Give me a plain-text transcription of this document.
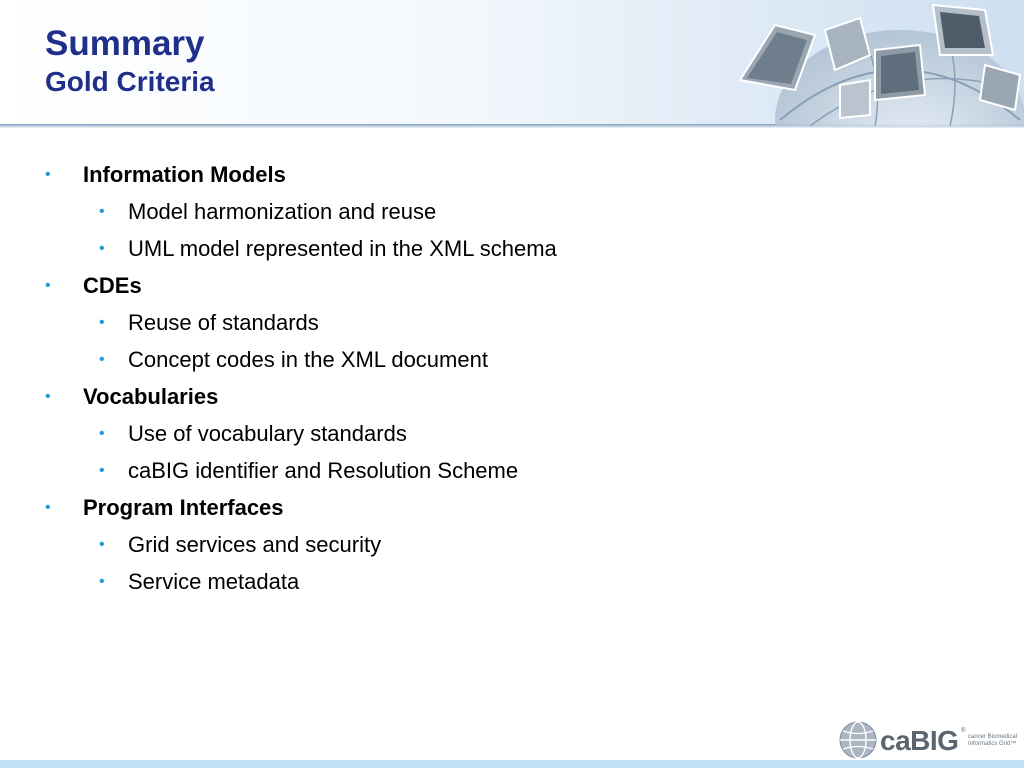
Summary
Gold Criteria
• Information Models
• Model harmonization and reuse
• UML model represented in the XML schema
• CDEs
• Reuse of standards
• Concept codes in the XML document
• Vocabularies
• Use of vocabulary standards
• caBIG identifier and Resolution Scheme
• Program Interfaces
• Grid services and security
• Service metadata
caBIG ®
cancer Biomedical
Informatics Grid™
